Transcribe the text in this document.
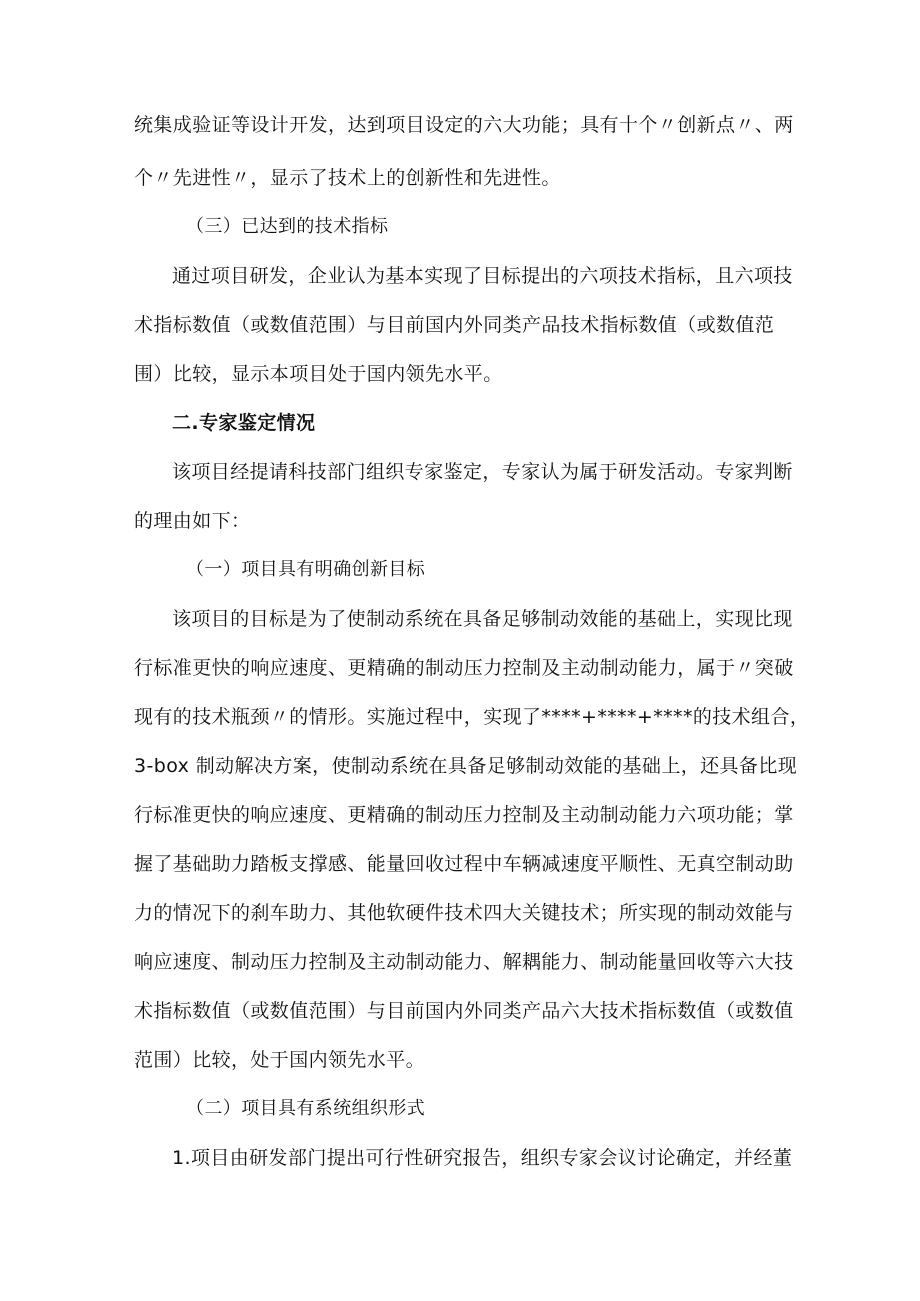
统集成验证等设计开发，达到项目设定的六大功能；具有十个〃创新点〃、两
个〃先进性〃，显示了技术上的创新性和先进性。
（三）已达到的技术指标
通过项目研发，企业认为基本实现了目标提出的六项技术指标，且六项技
术指标数值（或数值范围）与目前国内外同类产品技术指标数值（或数值范
围）比较，显示本项目处于国内领先水平。
二.专家鉴定情况
该项目经提请科技部门组织专家鉴定，专家认为属于研发活动。专家判断
的理由如下：
（一）项目具有明确创新目标
该项目的目标是为了使制动系统在具备足够制动效能的基础上，实现比现
行标准更快的响应速度、更精确的制动压力控制及主动制动能力，属于〃突破
现有的技术瓶颈〃的情形。实施过程中，实现了****+****+****的技术组合，
3-box 制动解决方案，使制动系统在具备足够制动效能的基础上，还具备比现
行标准更快的响应速度、更精确的制动压力控制及主动制动能力六项功能；掌
握了基础助力踏板支撑感、能量回收过程中车辆减速度平顺性、无真空制动助
力的情况下的刹车助力、其他软硬件技术四大关键技术；所实现的制动效能与
响应速度、制动压力控制及主动制动能力、解耦能力、制动能量回收等六大技
术指标数值（或数值范围）与目前国内外同类产品六大技术指标数值（或数值
范围）比较，处于国内领先水平。
（二）项目具有系统组织形式
1.项目由研发部门提出可行性研究报告，组织专家会议讨论确定，并经董
